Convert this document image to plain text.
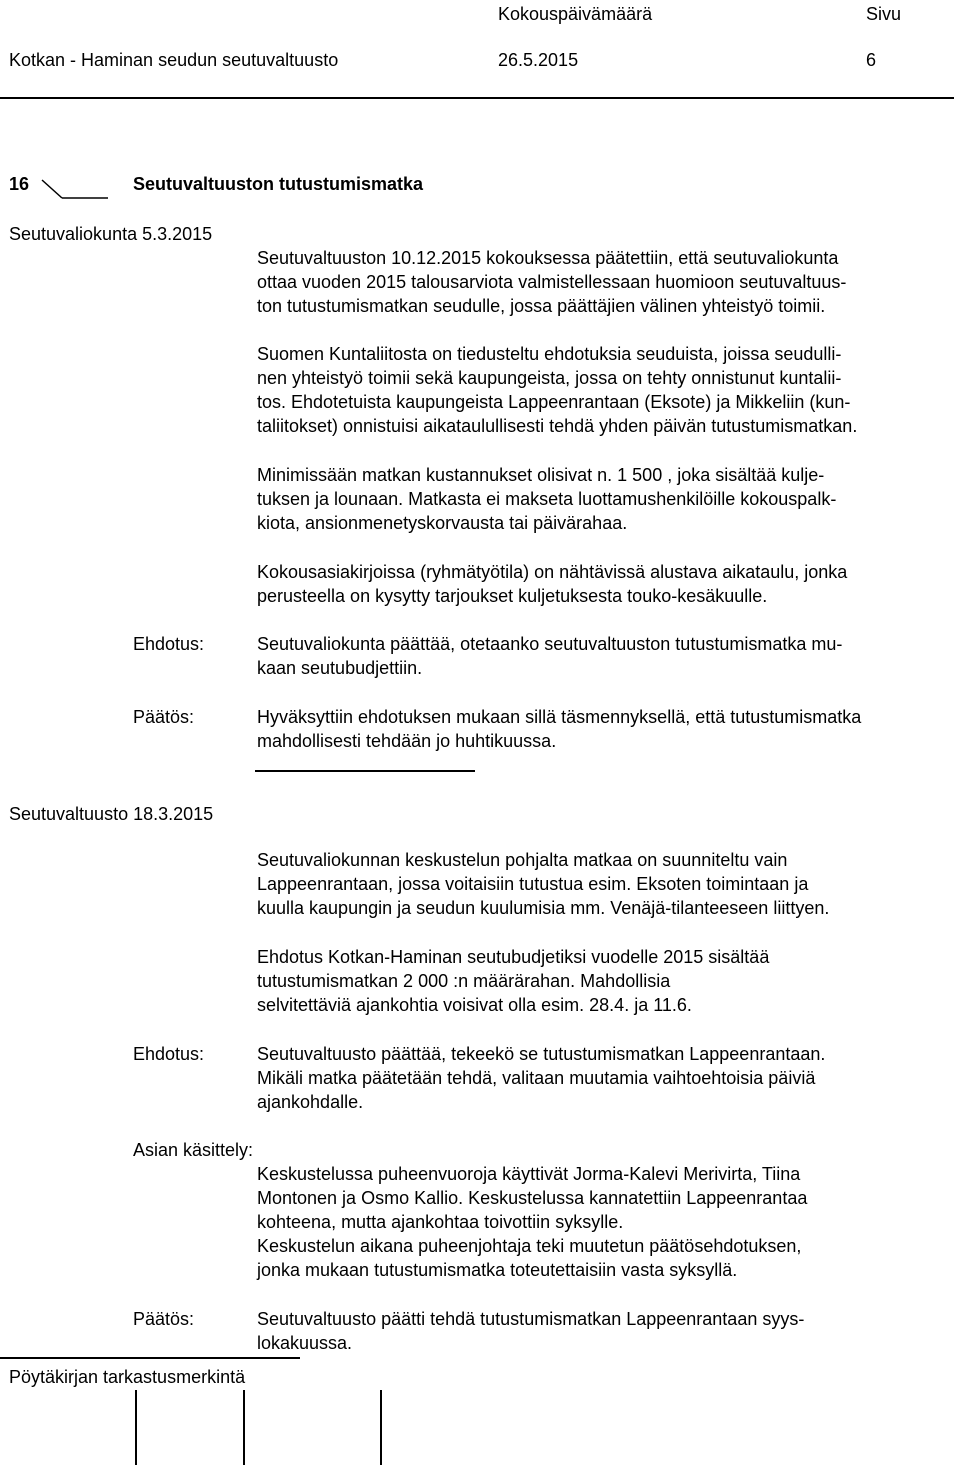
Kokouspäivämäärä	Sivu
Kotkan - Haminan seudun seutuvaltuusto	26.5.2015	6
16	Seutuvaltuuston tutustumismatka
Seutuvaliokunta 5.3.2015
Seutuvaltuuston 10.12.2015 kokouksessa päätettiin, että seutuvaliokunta
ottaa vuoden 2015 talousarviota valmistellessaan huomioon seutuvaltuus-
ton tutustumismatkan seudulle, jossa päättäjien välinen yhteistyö toimii.
Suomen Kuntaliitosta on tiedusteltu ehdotuksia seuduista, joissa seudulli-
nen yhteistyö toimii sekä kaupungeista, jossa on tehty onnistunut kuntalii-
tos. Ehdotetuista kaupungeista Lappeenrantaan (Eksote) ja Mikkeliin (kun-
taliitokset) onnistuisi aikataulullisesti tehdä yhden päivän tutustumismatkan.
Minimissään matkan kustannukset olisivat n. 1 500 , joka sisältää kulje-
tuksen ja lounaan. Matkasta ei makseta luottamushenkilöille kokouspalk-
kiota, ansionmenetyskorvausta tai päivärahaa.
Kokousasiakirjoissa (ryhmätyötila) on nähtävissä alustava aikataulu, jonka
perusteella on kysytty tarjoukset kuljetuksesta touko-kesäkuulle.
Ehdotus:	Seutuvaliokunta päättää, otetaanko seutuvaltuuston tutustumismatka mu-
kaan seutubudjettiin.
Päätös:	Hyväksyttiin ehdotuksen mukaan sillä täsmennyksellä, että tutustumismatka
mahdollisesti tehdään jo huhtikuussa.
Seutuvaltuusto 18.3.2015
Seutuvaliokunnan keskustelun pohjalta matkaa on suunniteltu vain
Lappeenrantaan, jossa voitaisiin tutustua esim. Eksoten toimintaan ja
kuulla kaupungin ja seudun kuulumisia mm. Venäjä-tilanteeseen liittyen.
Ehdotus Kotkan-Haminan seutubudjetiksi vuodelle 2015 sisältää
tutustumismatkan 2 000 :n määrärahan. Mahdollisia
selvitettäviä ajankohtia voisivat olla esim. 28.4. ja 11.6.
Ehdotus:	Seutuvaltuusto päättää, tekeekö se tutustumismatkan Lappeenrantaan.
Mikäli matka päätetään tehdä, valitaan muutamia vaihtoehtoisia päiviä
ajankohdalle.
Asian käsittely:
Keskustelussa puheenvuoroja käyttivät Jorma-Kalevi Merivirta, Tiina
Montonen ja Osmo Kallio. Keskustelussa kannatettiin Lappeenrantaa
kohteena, mutta ajankohtaa toivottiin syksylle.
Keskustelun aikana puheenjohtaja teki muutetun päätösehdotuksen,
jonka mukaan tutustumismatka toteutettaisiin vasta syksyllä.
Päätös:	Seutuvaltuusto päätti tehdä tutustumismatkan Lappeenrantaan syys-
lokakuussa.
Pöytäkirjan tarkastusmerkintä
